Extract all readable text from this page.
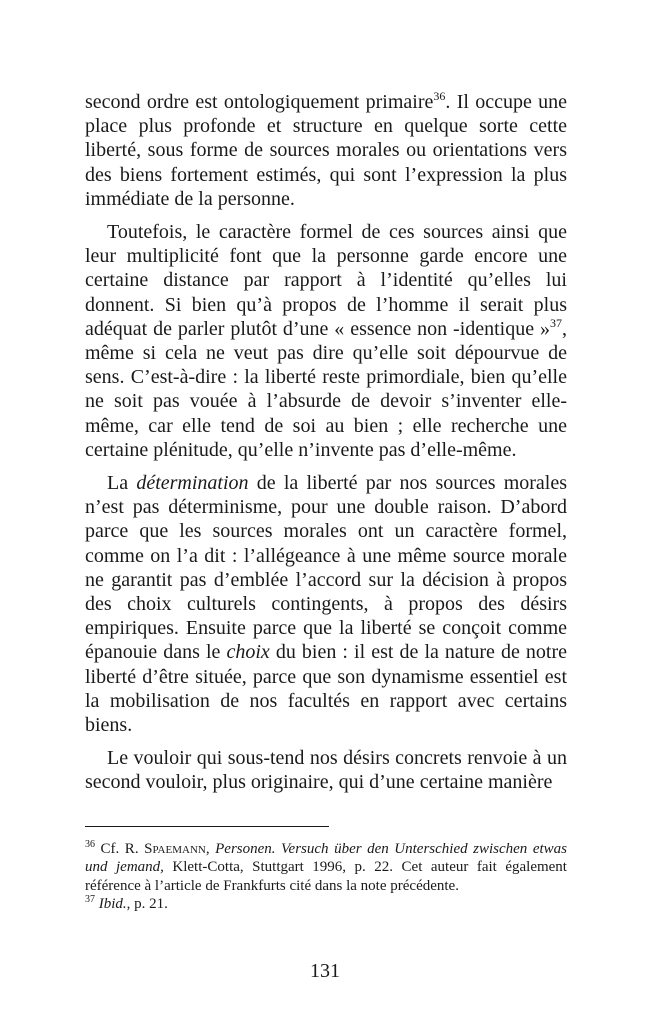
second ordre est ontologiquement primaire$^{36}$. Il occupe une place plus profonde et structure en quelque sorte cette liberté, sous forme de sources morales ou orientations vers des biens fortement estimés, qui sont l’expression la plus immédiate de la personne.

Toutefois, le caractère formel de ces sources ainsi que leur multiplicité font que la personne garde encore une certaine distance par rapport à l’identité qu’elles lui donnent. Si bien qu’à propos de l’homme il serait plus adéquat de parler plutôt d’une « essence non -identique »$^{37}$, même si cela ne veut pas dire qu’elle soit dépourvue de sens. C’est-à-dire : la liberté reste primordiale, bien qu’elle ne soit pas vouée à l’absurde de devoir s’inventer elle-même, car elle tend de soi au bien ; elle recherche une certaine plénitude, qu’elle n’invente pas d’elle-même.

La détermination de la liberté par nos sources morales n’est pas déterminisme, pour une double raison. D’abord parce que les sources morales ont un caractère formel, comme on l’a dit : l’allégeance à une même source morale ne garantit pas d’emblée l’accord sur la décision à propos des choix culturels contingents, à propos des désirs empiriques. Ensuite parce que la liberté se conçoit comme épanouie dans le choix du bien : il est de la nature de notre liberté d’être située, parce que son dynamisme essentiel est la mobilisation de nos facultés en rapport avec certains biens.

Le vouloir qui sous-tend nos désirs concrets renvoie à un second vouloir, plus originaire, qui d’une certaine manière

$^{36}$ Cf. R. Spaemann, Personen. Versuch über den Unterschied zwischen etwas und jemand, Klett-Cotta, Stuttgart 1996, p. 22. Cet auteur fait également référence à l’article de Frankfurts cité dans la note précédente.

$^{37}$ Ibid., p. 21.

131
